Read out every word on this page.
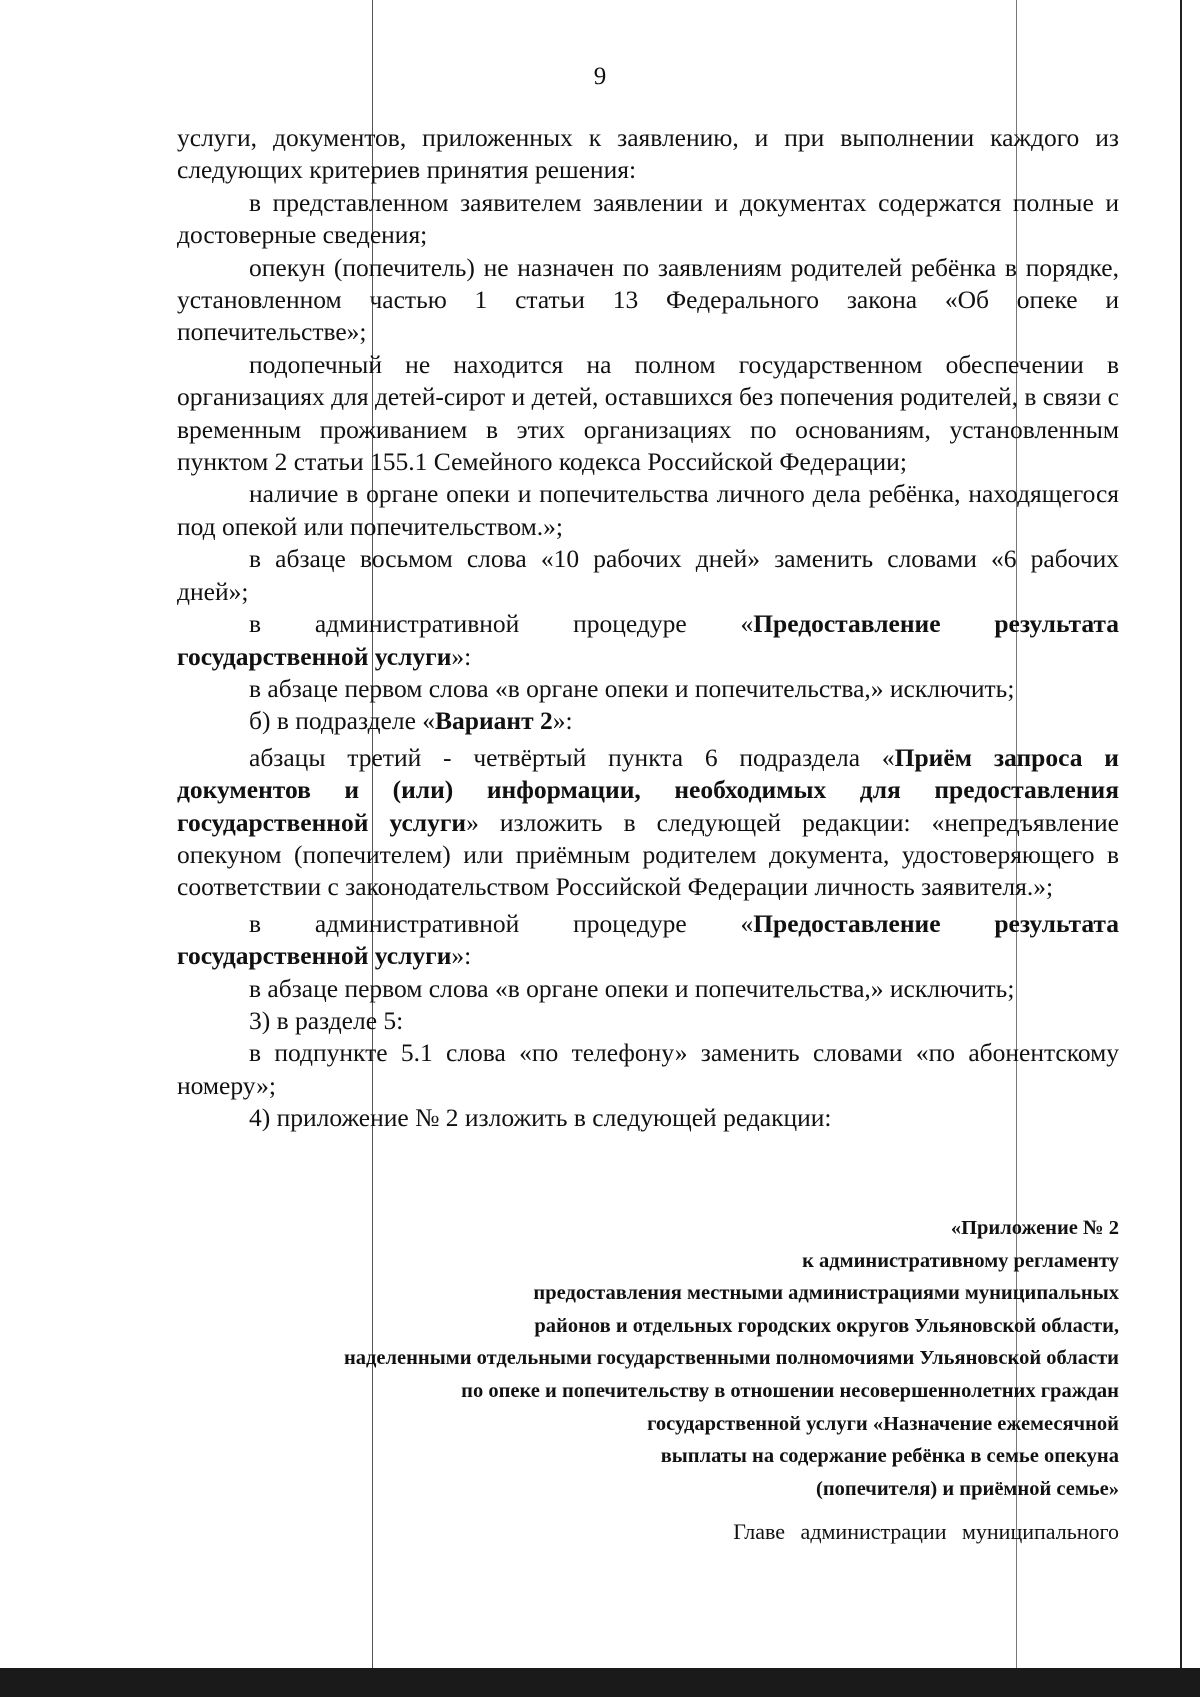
9

услуги, документов, приложенных к заявлению, и при выполнении каждого из следующих критериев принятия решения:

в представленном заявителем заявлении и документах содержатся полные и достоверные сведения;

опекун (попечитель) не назначен по заявлениям родителей ребёнка в порядке, установленном частью 1 статьи 13 Федерального закона «Об опеке и попечительстве»;

подопечный не находится на полном государственном обеспечении в организациях для детей-сирот и детей, оставшихся без попечения родителей, в связи с временным проживанием в этих организациях по основаниям, установленным пунктом 2 статьи 155.1 Семейного кодекса Российской Федерации;

наличие в органе опеки и попечительства личного дела ребёнка, находящегося под опекой или попечительством.»;

в абзаце восьмом слова «10 рабочих дней» заменить словами «6 рабочих дней»;

в административной процедуре «Предоставление результата государственной услуги»:

в абзаце первом слова «в органе опеки и попечительства,» исключить;

б) в подразделе «Вариант 2»:

абзацы третий - четвёртый пункта 6 подраздела «Приём запроса и документов и (или) информации, необходимых для предоставления государственной услуги» изложить в следующей редакции: «непредъявление опекуном (попечителем) или приёмным родителем документа, удостоверяющего в соответствии с законодательством Российской Федерации личность заявителя.»;

в административной процедуре «Предоставление результата государственной услуги»:

в абзаце первом слова «в органе опеки и попечительства,» исключить;

3) в разделе 5:

в подпункте 5.1 слова «по телефону» заменить словами «по абонентскому номеру»;

4) приложение № 2 изложить в следующей редакции:

«Приложение № 2
к административному регламенту
предоставления местными администрациями муниципальных
районов и отдельных городских округов Ульяновской области,
наделенными отдельными государственными полномочиями Ульяновской области
по опеке и попечительству в отношении несовершеннолетних граждан
государственной услуги «Назначение ежемесячной
выплаты на содержание ребёнка в семье опекуна
(попечителя) и приёмной семье»
Главе администрации муниципального
